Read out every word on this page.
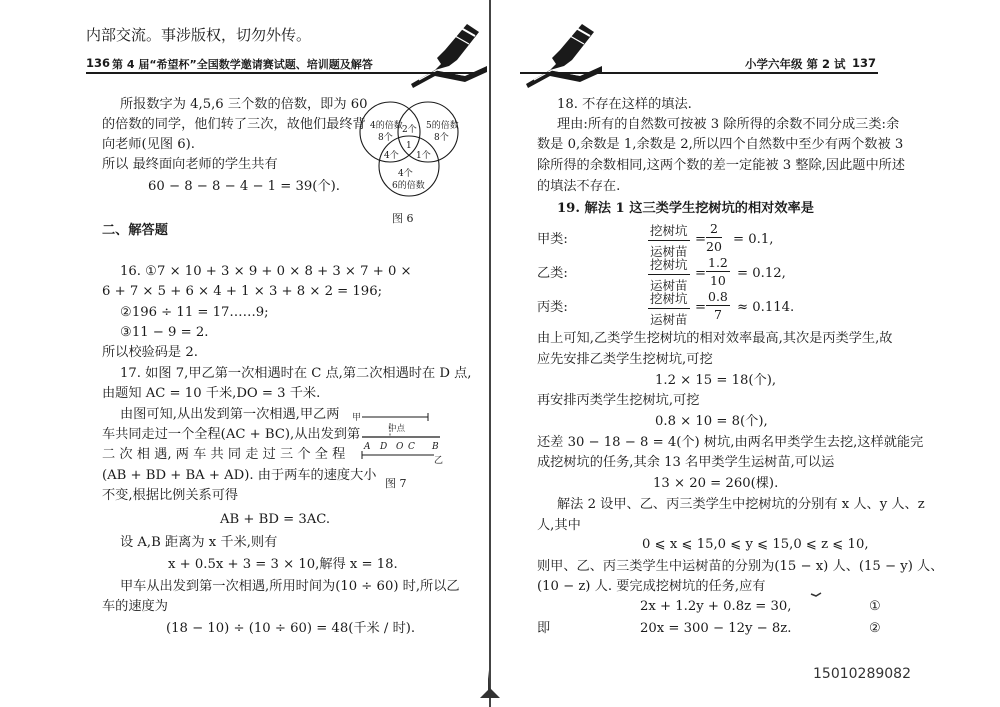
内部交流。事涉版权，切勿外传。
136 第 4 届“希望杯”全国数学邀请赛试题、培训题及解答
所报数字为 4,5,6 三个数的倍数，即为 60
的倍数的同学，他们转了三次，故他们最终背
向老师(见图 6).
所以 最终面向老师的学生共有
60 − 8 − 8 − 4 − 1 = 39(个).
4的倍数
8个
5的倍数
8个
2个
1
4个 1个
4个
6的倍数
图 6
二、解答题
16. ①7 × 10 + 3 × 9 + 0 × 8 + 3 × 7 + 0 ×
6 + 7 × 5 + 6 × 4 + 1 × 3 + 8 × 2 = 196;
②196 ÷ 11 = 17……9;
③11 − 9 = 2.
所以校验码是 2.
17. 如图 7,甲乙第一次相遇时在 C 点,第二次相遇时在 D 点,
由题知 AC = 10 千米,DO = 3 千米.
由图可知,从出发到第一次相遇,甲乙两
车共同走过一个全程(AC + BC),从出发到第
二 次 相 遇, 两 车 共 同 走 过 三 个 全 程
(AB + BD + BA + AD). 由于两车的速度大小
不变,根据比例关系可得
AB + BD = 3AC.
设 A,B 距离为 x 千米,则有
x + 0.5x + 3 = 3 × 10,解得 x = 18.
甲车从出发到第一次相遇,所用时间为(10 ÷ 60) 时,所以乙
车的速度为
(18 − 10) ÷ (10 ÷ 60) = 48(千米 / 时).
甲
乙
中点
A D O C B
图 7
小学六年级 第 2 试 137
18. 不存在这样的填法.
理由:所有的自然数可按被 3 除所得的余数不同分成三类:余
数是 0,余数是 1,余数是 2,所以四个自然数中至少有两个数被 3
除所得的余数相同,这两个数的差一定能被 3 整除,因此题中所述
的填法不存在.
19. 解法 1 这三类学生挖树坑的相对效率是
甲类:
挖树坑
运树苗
= $\frac{2}{20} = 0.1$,
乙类:
挖树坑
运树苗
= $\frac{1.2}{10} = 0.12$,
丙类:
挖树坑
运树苗
= $\frac{0.8}{7} \approx 0.114$.
由上可知,乙类学生挖树坑的相对效率最高,其次是丙类学生,故
应先安排乙类学生挖树坑,可挖
1.2 × 15 = 18(个),
再安排丙类学生挖树坑,可挖
0.8 × 10 = 8(个),
还差 30 − 18 − 8 = 4(个) 树坑,由两名甲类学生去挖,这样就能完
成挖树坑的任务,其余 13 名甲类学生运树苗,可以运
13 × 20 = 260(棵).
解法 2 设甲、乙、丙三类学生中挖树坑的分别有 x 人、y 人、z
人,其中
0 ⩽ x ⩽ 15,0 ⩽ y ⩽ 15,0 ⩽ z ⩽ 10,
则甲、乙、丙三类学生中运树苗的分别为(15 − x) 人、(15 − y) 人、
(10 − z) 人. 要完成挖树坑的任务,应有
2x + 1.2y + 0.8z = 30,	①
即	20x = 300 − 12y − 8z.	②
15010289082
